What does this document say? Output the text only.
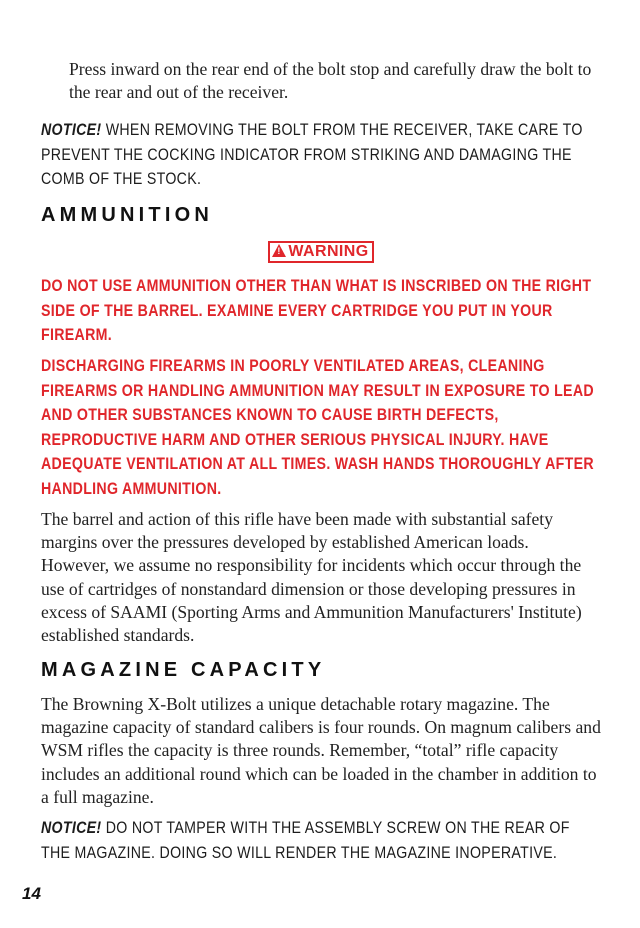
Press inward on the rear end of the bolt stop and carefully draw the bolt to the rear and out of the receiver.

NOTICE! WHEN REMOVING THE BOLT FROM THE RECEIVER, TAKE CARE TO PREVENT THE COCKING INDICATOR FROM STRIKING AND DAMAGING THE COMB OF THE STOCK.
AMMUNITION
! WARNING
DO NOT USE AMMUNITION OTHER THAN WHAT IS INSCRIBED ON THE RIGHT SIDE OF THE BARREL. EXAMINE EVERY CARTRIDGE YOU PUT IN YOUR FIREARM.
DISCHARGING FIREARMS IN POORLY VENTILATED AREAS, CLEANING FIREARMS OR HANDLING AMMUNITION MAY RESULT IN EXPOSURE TO LEAD AND OTHER SUBSTANCES KNOWN TO CAUSE BIRTH DEFECTS, REPRODUCTIVE HARM AND OTHER SERIOUS PHYSICAL INJURY. HAVE ADEQUATE VENTILATION AT ALL TIMES. WASH HANDS THOROUGHLY AFTER HANDLING AMMUNITION.

The barrel and action of this rifle have been made with substantial safety margins over the pressures developed by established American loads. However, we assume no responsibility for incidents which occur through the use of cartridges of nonstandard dimension or those developing pressures in excess of SAAMI (Sporting Arms and Ammunition Manufacturers' Institute) established standards.

MAGAZINE CAPACITY

The Browning X-Bolt utilizes a unique detachable rotary magazine. The magazine capacity of standard calibers is four rounds. On magnum calibers and WSM rifles the capacity is three rounds. Remember, “total” rifle capacity includes an additional round which can be loaded in the chamber in addition to a full magazine.

NOTICE! DO NOT TAMPER WITH THE ASSEMBLY SCREW ON THE REAR OF THE MAGAZINE. DOING SO WILL RENDER THE MAGAZINE INOPERATIVE.
14
